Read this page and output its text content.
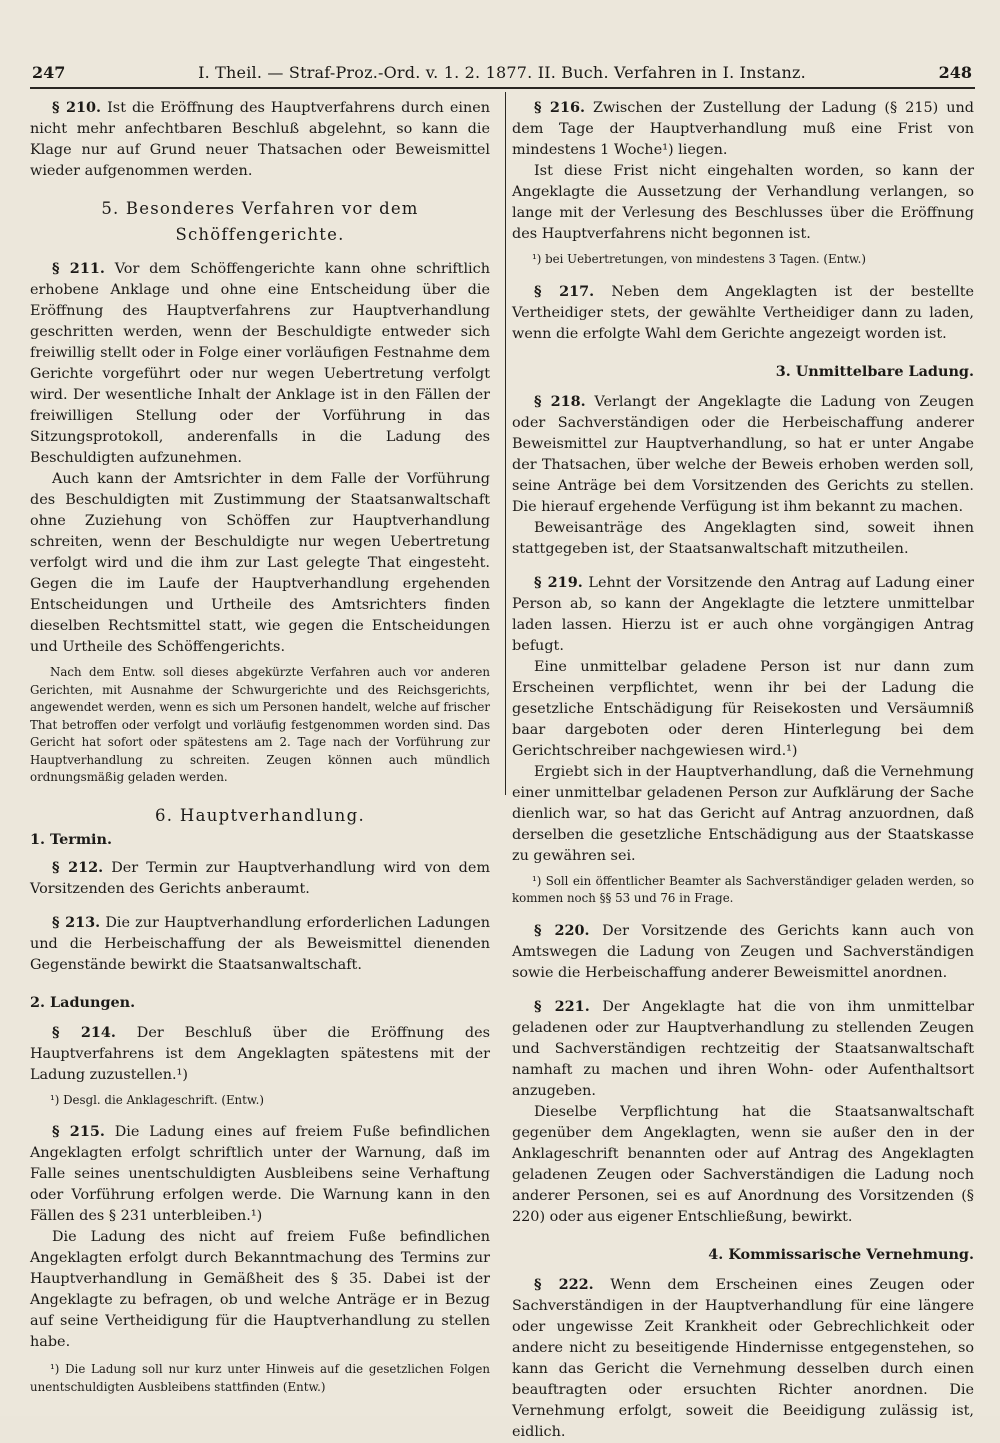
247	I. Theil. — Straf-Proz.-Ord. v. 1. 2. 1877. II. Buch. Verfahren in I. Instanz.	248

§ 210. Ist die Eröffnung des Hauptverfahrens durch einen nicht mehr anfechtbaren Beschluß abgelehnt, so kann die Klage nur auf Grund neuer Thatsachen oder Beweismittel wieder aufgenommen werden.

5. Besonderes Verfahren vor dem
Schöffengerichte.

§ 211. Vor dem Schöffengerichte kann ohne schriftlich erhobene Anklage und ohne eine Entscheidung über die Eröffnung des Hauptverfahrens zur Hauptverhandlung geschritten werden, wenn der Beschuldigte entweder sich freiwillig stellt oder in Folge einer vorläufigen Festnahme dem Gerichte vorgeführt oder nur wegen Uebertretung verfolgt wird. Der wesentliche Inhalt der Anklage ist in den Fällen der freiwilligen Stellung oder der Vorführung in das Sitzungsprotokoll, anderenfalls in die Ladung des Beschuldigten aufzunehmen.

Auch kann der Amtsrichter in dem Falle der Vorführung des Beschuldigten mit Zustimmung der Staatsanwaltschaft ohne Zuziehung von Schöffen zur Hauptverhandlung schreiten, wenn der Beschuldigte nur wegen Uebertretung verfolgt wird und die ihm zur Last gelegte That eingesteht. Gegen die im Laufe der Hauptverhandlung ergehenden Entscheidungen und Urtheile des Amtsrichters finden dieselben Rechtsmittel statt, wie gegen die Entscheidungen und Urtheile des Schöffengerichts.

Nach dem Entw. soll dieses abgekürzte Verfahren auch vor anderen Gerichten, mit Ausnahme der Schwurgerichte und des Reichsgerichts, angewendet werden, wenn es sich um Personen handelt, welche auf frischer That betroffen oder verfolgt und vorläufig festgenommen worden sind. Das Gericht hat sofort oder spätestens am 2. Tage nach der Vorführung zur Hauptverhandlung zu schreiten. Zeugen können auch mündlich ordnungsmäßig geladen werden.

6. Hauptverhandlung.
1. Termin.

§ 212. Der Termin zur Hauptverhandlung wird von dem Vorsitzenden des Gerichts anberaumt.

§ 213. Die zur Hauptverhandlung erforderlichen Ladungen und die Herbeischaffung der als Beweismittel dienenden Gegenstände bewirkt die Staatsanwaltschaft.

2. Ladungen.

§ 214. Der Beschluß über die Eröffnung des Hauptverfahrens ist dem Angeklagten spätestens mit der Ladung zuzustellen.¹)

¹) Desgl. die Anklageschrift. (Entw.)

§ 215. Die Ladung eines auf freiem Fuße befindlichen Angeklagten erfolgt schriftlich unter der Warnung, daß im Falle seines unentschuldigten Ausbleibens seine Verhaftung oder Vorführung erfolgen werde. Die Warnung kann in den Fällen des § 231 unterbleiben.¹)

Die Ladung des nicht auf freiem Fuße befindlichen Angeklagten erfolgt durch Bekanntmachung des Termins zur Hauptverhandlung in Gemäßheit des § 35. Dabei ist der Angeklagte zu befragen, ob und welche Anträge er in Bezug auf seine Vertheidigung für die Hauptverhandlung zu stellen habe.

¹) Die Ladung soll nur kurz unter Hinweis auf die gesetzlichen Folgen unentschuldigten Ausbleibens stattfinden (Entw.)

§ 216. Zwischen der Zustellung der Ladung (§ 215) und dem Tage der Hauptverhandlung muß eine Frist von mindestens 1 Woche¹) liegen.

Ist diese Frist nicht eingehalten worden, so kann der Angeklagte die Aussetzung der Verhandlung verlangen, so lange mit der Verlesung des Beschlusses über die Eröffnung des Hauptverfahrens nicht begonnen ist.

¹) bei Uebertretungen, von mindestens 3 Tagen. (Entw.)

§ 217. Neben dem Angeklagten ist der bestellte Vertheidiger stets, der gewählte Vertheidiger dann zu laden, wenn die erfolgte Wahl dem Gerichte angezeigt worden ist.

3. Unmittelbare Ladung.

§ 218. Verlangt der Angeklagte die Ladung von Zeugen oder Sachverständigen oder die Herbeischaffung anderer Beweismittel zur Hauptverhandlung, so hat er unter Angabe der Thatsachen, über welche der Beweis erhoben werden soll, seine Anträge bei dem Vorsitzenden des Gerichts zu stellen. Die hierauf ergehende Verfügung ist ihm bekannt zu machen.

Beweisanträge des Angeklagten sind, soweit ihnen stattgegeben ist, der Staatsanwaltschaft mitzutheilen.

§ 219. Lehnt der Vorsitzende den Antrag auf Ladung einer Person ab, so kann der Angeklagte die letztere unmittelbar laden lassen. Hierzu ist er auch ohne vorgängigen Antrag befugt.

Eine unmittelbar geladene Person ist nur dann zum Erscheinen verpflichtet, wenn ihr bei der Ladung die gesetzliche Entschädigung für Reisekosten und Versäumniß baar dargeboten oder deren Hinterlegung bei dem Gerichtschreiber nachgewiesen wird.¹)

Ergiebt sich in der Hauptverhandlung, daß die Vernehmung einer unmittelbar geladenen Person zur Aufklärung der Sache dienlich war, so hat das Gericht auf Antrag anzuordnen, daß derselben die gesetzliche Entschädigung aus der Staatskasse zu gewähren sei.

¹) Soll ein öffentlicher Beamter als Sachverständiger geladen werden, so kommen noch §§ 53 und 76 in Frage.

§ 220. Der Vorsitzende des Gerichts kann auch von Amtswegen die Ladung von Zeugen und Sachverständigen sowie die Herbeischaffung anderer Beweismittel anordnen.

§ 221. Der Angeklagte hat die von ihm unmittelbar geladenen oder zur Hauptverhandlung zu stellenden Zeugen und Sachverständigen rechtzeitig der Staatsanwaltschaft namhaft zu machen und ihren Wohn- oder Aufenthaltsort anzugeben.

Dieselbe Verpflichtung hat die Staatsanwaltschaft gegenüber dem Angeklagten, wenn sie außer den in der Anklageschrift benannten oder auf Antrag des Angeklagten geladenen Zeugen oder Sachverständigen die Ladung noch anderer Personen, sei es auf Anordnung des Vorsitzenden (§ 220) oder aus eigener Entschließung, bewirkt.

4. Kommissarische Vernehmung.

§ 222. Wenn dem Erscheinen eines Zeugen oder Sachverständigen in der Hauptverhandlung für eine längere oder ungewisse Zeit Krankheit oder Gebrechlichkeit oder andere nicht zu beseitigende Hindernisse entgegenstehen, so kann das Gericht die Vernehmung desselben durch einen beauftragten oder ersuchten Richter anordnen. Die Vernehmung erfolgt, soweit die Beeidigung zulässig ist, eidlich.
